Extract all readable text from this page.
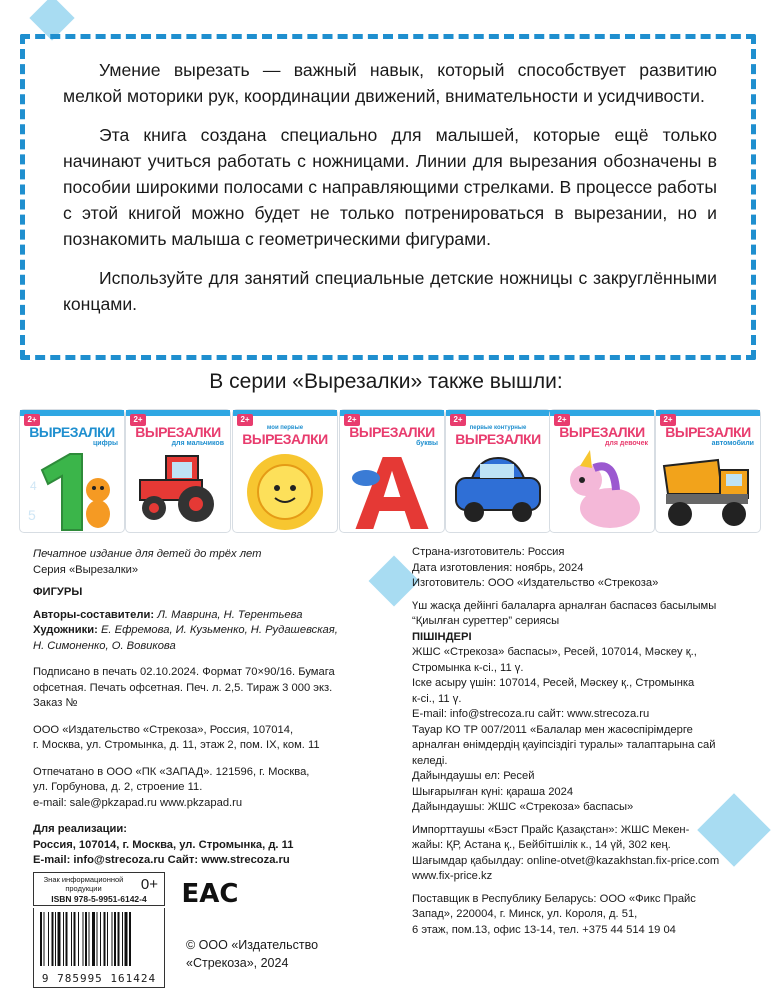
Умение вырезать — важный навык, который способствует развитию мелкой моторики рук, координации движений, внимательности и усидчивости.

Эта книга создана специально для малышей, которые ещё только начинают учиться работать с ножницами. Линии для вырезания обозначены в пособии широкими полосами с направляющими стрелками. В процессе работы с этой книгой можно будет не только потренироваться в вырезании, но и познакомить малыша с геометрическими фигурами.

Используйте для занятий специальные детские ножницы с закруглёнными концами.

В серии «Вырезалки» также вышли:
2+
ВЫРЕЗАЛКИ
цифры
5
4
2+
ВЫРЕЗАЛКИ
для мальчиков
2+
мои первые
ВЫРЕЗАЛКИ
2+
ВЫРЕЗАЛКИ
буквы
2+
первые контурные
ВЫРЕЗАЛКИ
2+
ВЫРЕЗАЛКИ
для девочек
2+
ВЫРЕЗАЛКИ
автомобили
Печатное издание для детей до трёх лет
Серия «Вырезалки»
ФИГУРЫ
Авторы-составители: Л. Маврина, Н. Терентьева
Художники: Е. Ефремова, И. Кузьменко, Н. Рудашевская,
Н. Симоненко, О. Вовикова
Подписано в печать 02.10.2024. Формат 70×90/16. Бумага
офсетная. Печать офсетная. Печ. л. 2,5. Тираж 3 000 экз.
Заказ №
ООО «Издательство «Стрекоза», Россия, 107014,
г. Москва, ул. Стромынка, д. 11, этаж 2, пом. IX, ком. 11
Отпечатано в ООО «ПК «ЗАПАД». 121596, г. Москва,
ул. Горбунова, д. 2, строение 11.
e-mail: sale@pkzapad.ru www.pkzapad.ru
Для реализации:
Россия, 107014, г. Москва, ул. Стромынка, д. 11
E-mail: info@strecoza.ru Сайт: www.strecoza.ru
Знак информационной продукции	0+
ISBN 978-5-9951-6142-4
9 785995 161424
EAC
© ООО «Издательство
«Стрекоза», 2024
Страна-изготовитель: Россия
Дата изготовления: ноябрь, 2024
Изготовитель: ООО «Издательство «Стрекоза»
Үш жасқа дейінгі балаларға арналған баспасөз басылымы
“Қиылған суреттер” сериясы
ПІШІНДЕРІ
ЖШС «Стрекоза» баспасы», Ресей, 107014, Мәскеу қ.,
Стромынка к-сі., 11 ү.
Іске асыру үшін: 107014, Ресей, Мәскеу қ., Стромынка
к-сі., 11 ү.
E-mail: info@strecoza.ru сайт: www.strecoza.ru
Тауар КО ТР 007/2011 «Балалар мен жасөспірімдерге
арналған өнімдердің қауіпсіздігі туралы» талаптарына сай
келеді.
Дайындаушы ел: Ресей
Шығарылған күні: қараша 2024
Дайындаушы: ЖШС «Стрекоза» баспасы»
Импорттаушы «Бэст Прайс Қазақстан»: ЖШС Мекен-
жайы: ҚР, Астана қ., Бейбітшілік к., 14 үй, 302 кең.
Шағымдар қабылдау: online-otvet@kazakhstan.fix-price.com
www.fix-price.kz
Поставщик в Республику Беларусь: ООО «Фикс Прайс
Запад», 220004, г. Минск, ул. Короля, д. 51,
6 этаж, пом.13, офис 13-14, тел. +375 44 514 19 04
